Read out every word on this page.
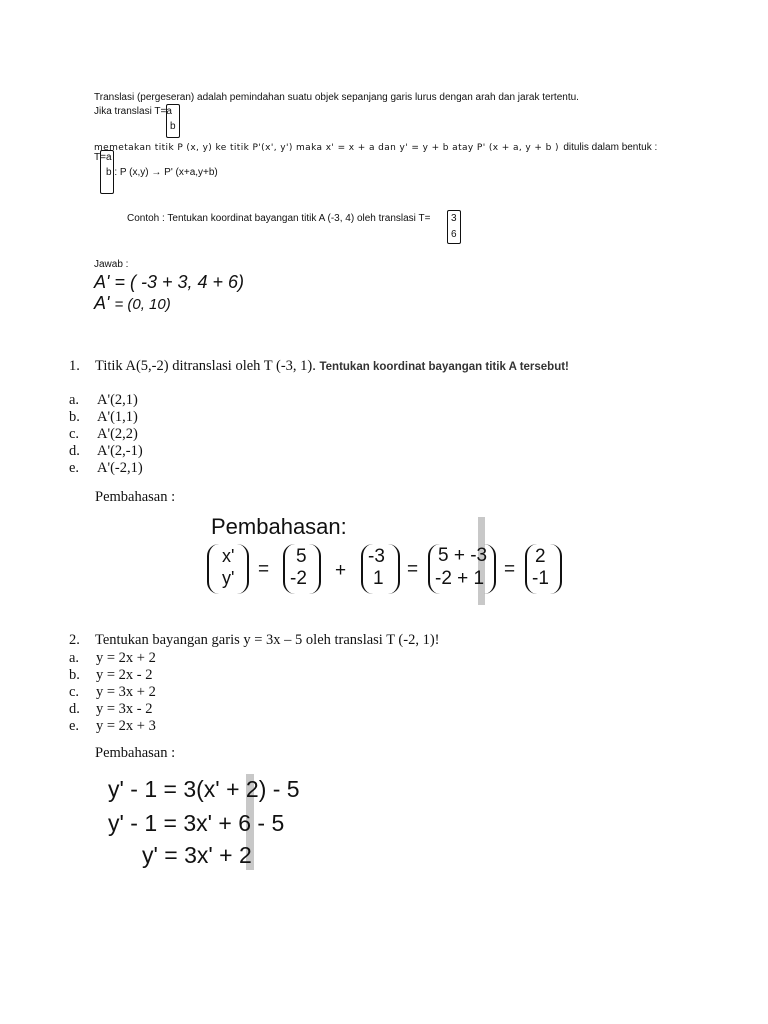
Translasi (pergeseran) adalah pemindahan suatu objek sepanjang garis lurus dengan arah dan jarak tertentu.
Jika translasi T=a
b
memetakan titik P (x, y) ke titik P'(x', y') maka x' = x + a dan y' = y + b atay P' (x + a, y + b ) ditulis dalam bentuk :
T=a
b : P (x,y) → P' (x+a,y+b)
Contoh : Tentukan koordinat bayangan titik A (-3, 4) oleh translasi T= 3
6
Jawab :
A' = ( -3 + 3, 4 + 6)
A' = (0, 10)
1. Titik A(5,-2) ditranslasi oleh T (-3, 1). Tentukan koordinat bayangan titik A tersebut!
a. A'(2,1)
b. A'(1,1)
c. A'(2,2)
d. A'(2,-1)
e. A'(-2,1)
Pembahasan :
Pembahasan:
x'
y' =
5
-2 +
-3
1 =
5 + -3
-2 + 1 =
2
-1
2. Tentukan bayangan garis y = 3x – 5 oleh translasi T (-2, 1)!
a. y = 2x + 2
b. y = 2x - 2
c. y = 3x + 2
d. y = 3x - 2
e. y = 2x + 3
Pembahasan :
y' - 1 = 3(x' + 2) - 5
y' - 1 = 3x' + 6 - 5
y' = 3x' + 2
